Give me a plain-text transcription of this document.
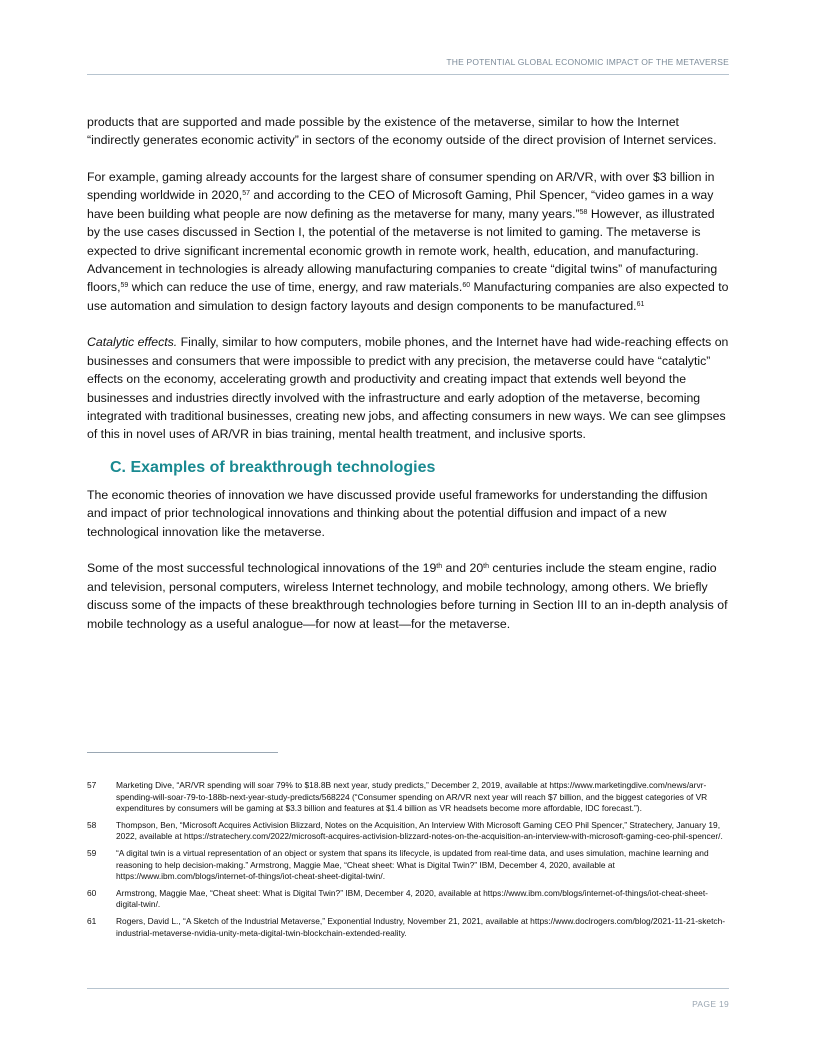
THE POTENTIAL GLOBAL ECONOMIC IMPACT OF THE METAVERSE

products that are supported and made possible by the existence of the metaverse, similar to how the Internet “indirectly generates economic activity” in sectors of the economy outside of the direct provision of Internet services.

For example, gaming already accounts for the largest share of consumer spending on AR/VR, with over $3 billion in spending worldwide in 2020,57 and according to the CEO of Microsoft Gaming, Phil Spencer, “video games in a way have been building what people are now defining as the metaverse for many, many years.”$^{58}$ However, as illustrated by the use cases discussed in Section I, the potential of the metaverse is not limited to gaming. The metaverse is expected to drive significant incremental economic growth in remote work, health, education, and manufacturing. Advancement in technologies is already allowing manufacturing companies to create “digital twins” of manufacturing floors,$^{59}$ which can reduce the use of time, energy, and raw materials.$^{60}$ Manufacturing companies are also expected to use automation and simulation to design factory layouts and design components to be manufactured.$^{61}$

Catalytic effects. Finally, similar to how computers, mobile phones, and the Internet have had wide-reaching effects on businesses and consumers that were impossible to predict with any precision, the metaverse could have “catalytic” effects on the economy, accelerating growth and productivity and creating impact that extends well beyond the businesses and industries directly involved with the infrastructure and early adoption of the metaverse, becoming integrated with traditional businesses, creating new jobs, and affecting consumers in new ways. We can see glimpses of this in novel uses of AR/VR in bias training, mental health treatment, and inclusive sports.

C. Examples of breakthrough technologies

The economic theories of innovation we have discussed provide useful frameworks for understanding the diffusion and impact of prior technological innovations and thinking about the potential diffusion and impact of a new technological innovation like the metaverse.

Some of the most successful technological innovations of the 19th and 20th centuries include the steam engine, radio and television, personal computers, wireless Internet technology, and mobile technology, among others. We briefly discuss some of the impacts of these breakthrough technologies before turning in Section III to an in-depth analysis of mobile technology as a useful analogue—for now at least—for the metaverse.

57	Marketing Dive, “AR/VR spending will soar 79% to $18.8B next year, study predicts,” December 2, 2019, available at https://www.marketingdive.com/news/arvr-spending-will-soar-79-to-188b-next-year-study-predicts/568224 (“Consumer spending on AR/VR next year will reach $7 billion, and the biggest categories of VR expenditures by consumers will be gaming at $3.3 billion and features at $1.4 billion as VR headsets become more affordable, IDC forecast.”).
58	Thompson, Ben, “Microsoft Acquires Activision Blizzard, Notes on the Acquisition, An Interview With Microsoft Gaming CEO Phil Spencer,” Stratechery, January 19, 2022, available at https://stratechery.com/2022/microsoft-acquires-activision-blizzard-notes-on-the-acquisition-an-interview-with-microsoft-gaming-ceo-phil-spencer/.
59	“A digital twin is a virtual representation of an object or system that spans its lifecycle, is updated from real-time data, and uses simulation, machine learning and reasoning to help decision-making.” Armstrong, Maggie Mae, “Cheat sheet: What is Digital Twin?” IBM, December 4, 2020, available at https://www.ibm.com/blogs/internet-of-things/iot-cheat-sheet-digital-twin/.
60	Armstrong, Maggie Mae, “Cheat sheet: What is Digital Twin?” IBM, December 4, 2020, available at https://www.ibm.com/blogs/internet-of-things/iot-cheat-sheet-digital-twin/.
61	Rogers, David L., “A Sketch of the Industrial Metaverse,” Exponential Industry, November 21, 2021, available at https://www.doclrogers.com/blog/2021-11-21-sketch-industrial-metaverse-nvidia-unity-meta-digital-twin-blockchain-extended-reality.
PAGE 19
